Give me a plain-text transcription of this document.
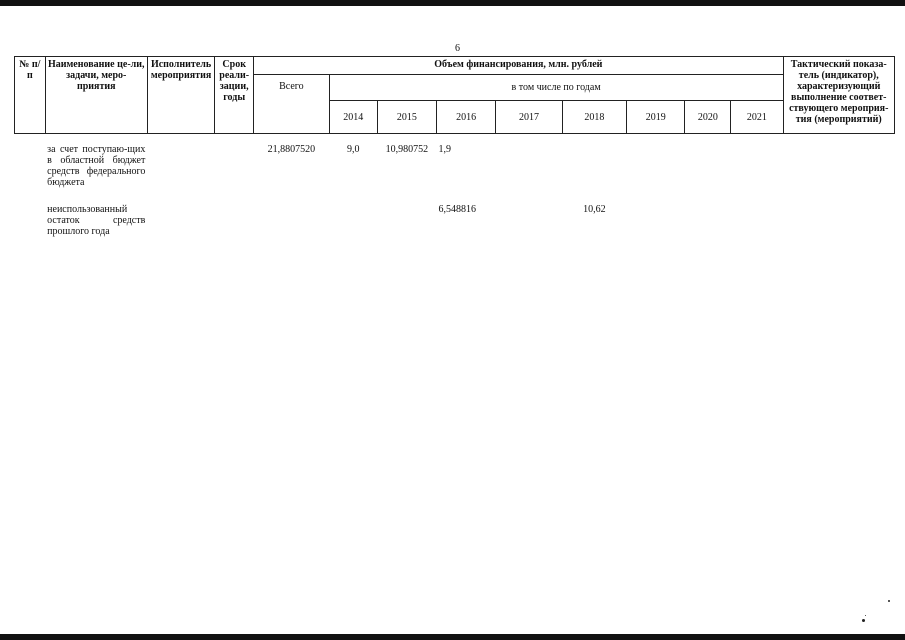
6
№ п/п	Наименование це-ли, задачи, меро-приятия	Исполнитель мероприятия	Срок реали-зации, годы	Объем финансирования, млн. рублей									Тактический показа-тель (индикатор), характеризующий выполнение соответ-ствующего мероприя-тия (мероприятий)
				Всего	в том числе по годам								
					2014	2015	2016	2017	2018	2019	2020	2021	

	за счет поступаю-щих в областной бюджет средств федерального бюджета			21,8807520	9,0	10,980752	1,9						
	неиспользованный остаток средств прошлого года						6,548816		10,62				
